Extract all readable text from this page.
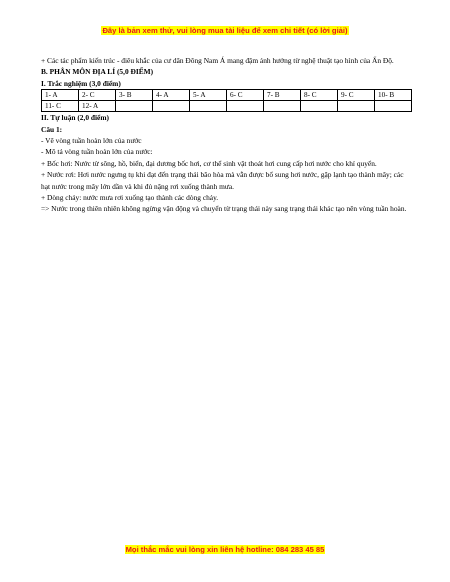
Đây là bản xem thử, vui lòng mua tài liệu để xem chi tiết (có lời giải)

+ Các tác phẩm kiến trúc - điêu khắc của cư dân Đông Nam Á mang đậm ảnh hưởng từ nghệ thuật tạo hình của Ấn Độ.

B. PHÂN MÔN ĐỊA LÍ (5,0 ĐIỂM)

I. Trắc nghiệm (3,0 điểm)

1- A	2- C	3- B	4- A	5- A	6- C	7- B	8- C	9- C	10- B
11- C	12- A								

II. Tự luận (2,0 điểm)

Câu 1:

- Vẽ vòng tuần hoàn lớn của nước

- Mô tả vòng tuần hoàn lớn của nước:

+ Bốc hơi: Nước từ sông, hồ, biển, đại dương bốc hơi, cơ thể sinh vật thoát hơi cung cấp hơi nước cho khí quyển.

+ Nước rơi: Hơi nước ngưng tụ khi đạt đến trạng thái bão hòa mà vẫn được bổ sung hơi nước, gặp lạnh tạo thành mây; các hạt nước trong mây lớn dần và khi đủ nặng rơi xuống thành mưa.

+ Dòng chảy: nước mưa rơi xuống tạo thành các dòng chảy.

=> Nước trong thiên nhiên không ngừng vận động và chuyển từ trạng thái này sang trạng thái khác tạo nên vòng tuần hoàn.

Mọi thắc mắc vui lòng xin liên hệ hotline: 084 283 45 85
